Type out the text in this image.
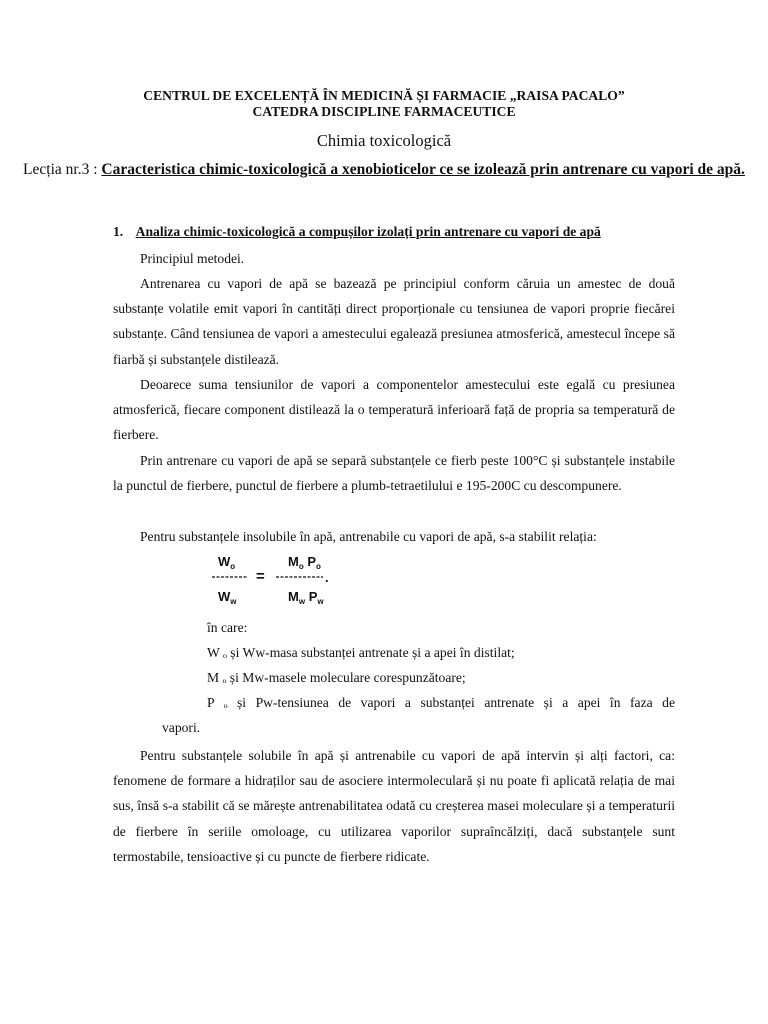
CENTRUL DE EXCELENȚĂ ÎN MEDICINĂ ȘI FARMACIE „RAISA PACALO”
CATEDRA DISCIPLINE FARMACEUTICE
Chimia toxicologică
Lecția nr.3 : Caracteristica chimic-toxicologică a xenobioticelor ce se izolează prin antrenare cu vapori de apă.
1. Analiza chimic-toxicologică a compușilor izolați prin antrenare cu vapori de apă
Principiul metodei.
Antrenarea cu vapori de apă se bazează pe principiul conform căruia un amestec de două substanțe volatile emit vapori în cantități direct proporționale cu tensiunea de vapori proprie fiecărei substanțe. Când tensiunea de vapori a amestecului egalează presiunea atmosferică, amestecul începe să fiarbă și substanțele distilează.
Deoarece suma tensiunilor de vapori a componentelor amestecului este egală cu presiunea atmosferică, fiecare component distilează la o temperatură inferioară față de propria sa temperatură de fierbere.
Prin antrenare cu vapori de apă se separă substanțele ce fierb peste 100°C și substanțele instabile la punctul de fierbere, punctul de fierbere a plumb-tetraetilului e 195-200C cu descompunere.
Pentru substanțele insolubile în apă, antrenabile cu vapori de apă, s-a stabilit relația:
$W_o$
$W_w$
=
$M_o$ $P_o$
.
$M_w$ $P_w$
în care:
W ₒ și Ww-masa substanței antrenate și a apei în distilat;
M ₒ și Mw-masele moleculare corespunzătoare;
P ₒ și Pw-tensiunea de vapori a substanței antrenate și a apei în faza de
vapori.
Pentru substanțele solubile în apă și antrenabile cu vapori de apă intervin și alți factori, ca: fenomene de formare a hidraților sau de asociere intermoleculară și nu poate fi aplicată relația de mai sus, însă s-a stabilit că se mărește antrenabilitatea odată cu creșterea masei moleculare și a temperaturii de fierbere în seriile omoloage, cu utilizarea vaporilor supraîncălziți, dacă substanțele sunt termostabile, tensioactive și cu puncte de fierbere ridicate.
